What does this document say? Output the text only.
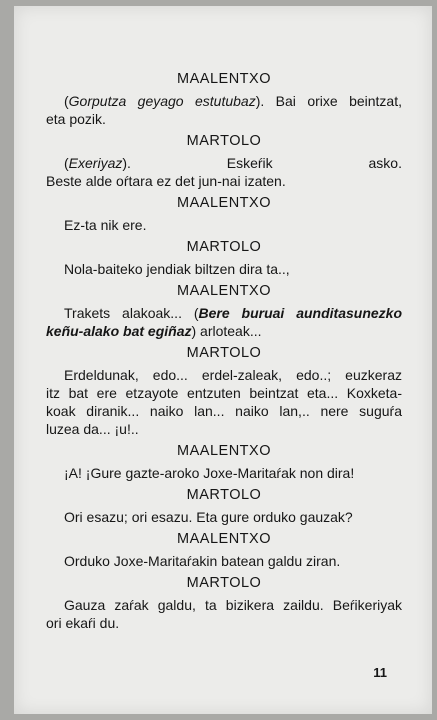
MAALENTXO
(Gorputza geyago estutubaz). Bai orixe beintzat,
eta pozik.
MARTOLO
(Exeriyaz). Eskeŕik asko.
Beste alde oŕtara ez det jun-nai izaten.
MAALENTXO
Ez-ta nik ere.
MARTOLO
Nola-baiteko jendiak biltzen dira ta..,
MAALENTXO
Trakets alakoak... (Bere buruai aunditasunezko
keñu-alako bat egiñaz) arloteak...
MARTOLO
Erdeldunak, edo... erdel-zaleak, edo..; euzkeraz
itz bat ere etzayote entzuten beintzat eta... Koxketa-
koak diranik... naiko lan... naiko lan,.. nere suguŕa
luzea da... ¡u!..
MAALENTXO
¡A! ¡Gure gazte-aroko Joxe-Maritaŕak non dira!
MARTOLO
Ori esazu; ori esazu. Eta gure orduko gauzak?
MAALENTXO
Orduko Joxe-Maritaŕakin batean galdu ziran.
MARTOLO
Gauza zaŕak galdu, ta bizikera zaildu. Beŕikeriyak
ori ekaŕi du.
11
